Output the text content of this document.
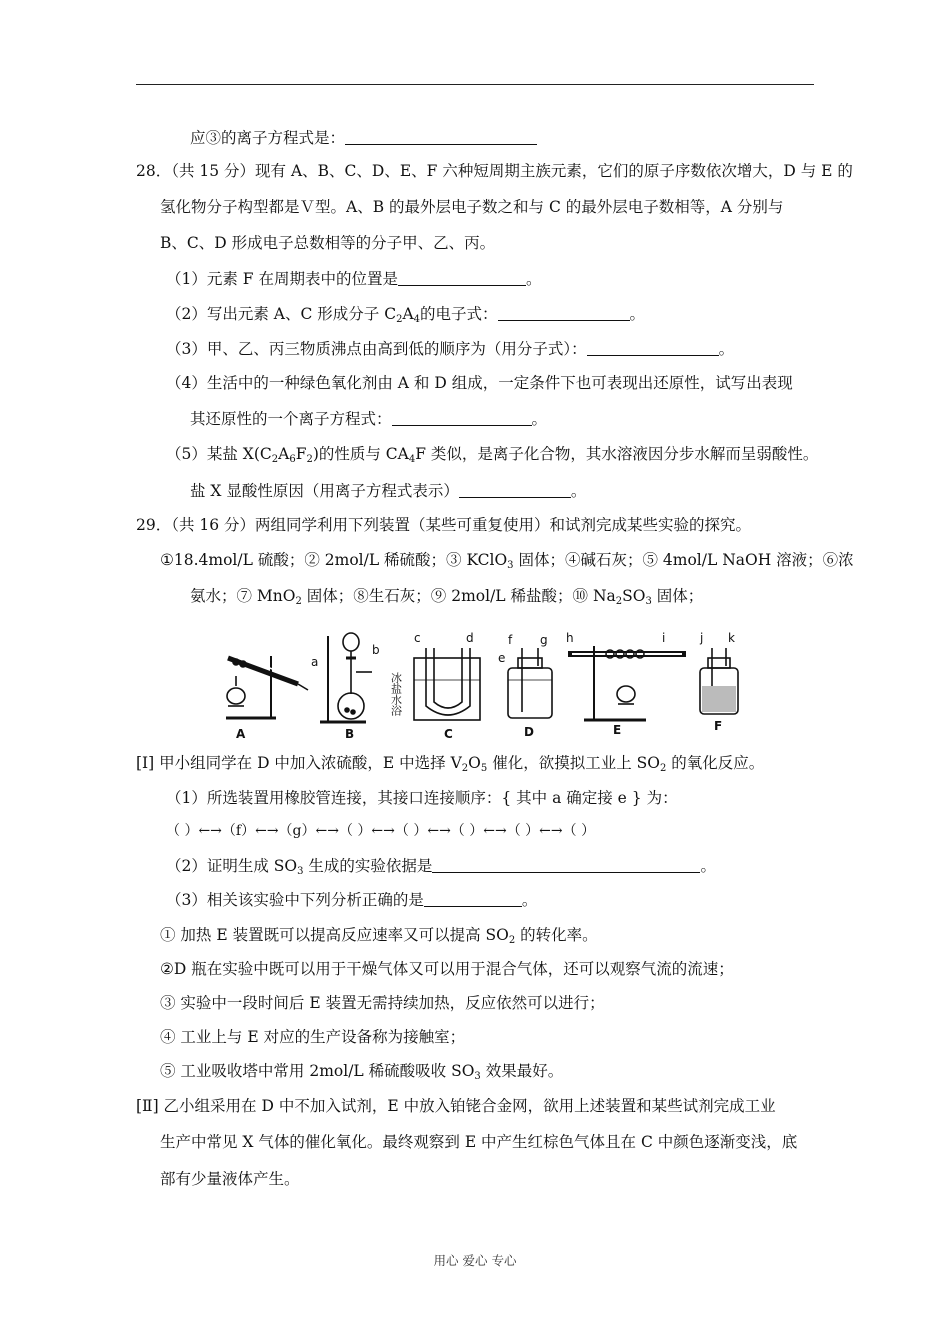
应③的离子方程式是：
28．（共 15 分）现有 A、B、C、D、E、F 六种短周期主族元素，它们的原子序数依次增大，D 与 E 的
氢化物分子构型都是Ｖ型。A、B 的最外层电子数之和与 C 的最外层电子数相等，A 分别与
B、C、D 形成电子总数相等的分子甲、乙、丙。
（1）元素 F 在周期表中的位置是	。
（2）写出元素 A、C 形成分子 $C_2A_4$的电子式：	。
（3）甲、乙、丙三物质沸点由高到低的顺序为（用分子式）：	。
（4）生活中的一种绿色氧化剂由 A 和 D 组成，一定条件下也可表现出还原性，试写出表现
其还原性的一个离子方程式：	。
（5）某盐 $X(C_2A_6F_2)$的性质与 $CA_4F$ 类似，是离子化合物，其水溶液因分步水解而呈弱酸性。
盐 X 显酸性原因（用离子方程式表示）	。
29．（共 16 分）两组同学利用下列装置（某些可重复使用）和试剂完成某些实验的探究。
①18.4mol/L 硫酸；② 2mol/L 稀硫酸；③ KClO$_3$ 固体；④碱石灰；⑤ 4mol/L NaOH 溶液；⑥浓
氨水；⑦ MnO$_2$ 固体；⑧生石灰；⑨ 2mol/L 稀盐酸；⑩ $Na_2SO_3$ 固体；
a
A
b
B
c	d
冰盐水浴
C
f
e
g
D
h	i
E
j k
F
[Ⅰ] 甲小组同学在 D 中加入浓硫酸，E 中选择 $V_2O_5$ 催化，欲摸拟工业上 $SO_2$ 的氧化反应。
（1）所选装置用橡胶管连接，其接口连接顺序：{ 其中 a 确定接 e } 为：
（ ）←→（f）←→（g）←→（ ）←→（ ）←→（ ）←→（ ）←→（ ）
（2）证明生成 $SO_3$ 生成的实验依据是	。
（3）相关该实验中下列分析正确的是	。
① 加热 E 装置既可以提高反应速率又可以提高 $SO_2$ 的转化率。
②D 瓶在实验中既可以用于干燥气体又可以用于混合气体，还可以观察气流的流速；
③ 实验中一段时间后 E 装置无需持续加热，反应依然可以进行；
④ 工业上与 E 对应的生产设备称为接触室；
⑤ 工业吸收塔中常用 2mol/L 稀硫酸吸收 $SO_3$ 效果最好。
[Ⅱ] 乙小组采用在 D 中不加入试剂，E 中放入铂铑合金网，欲用上述装置和某些试剂完成工业
生产中常见 X 气体的催化氧化。最终观察到 E 中产生红棕色气体且在 C 中颜色逐渐变浅，底
部有少量液体产生。
用心 爱心 专心
